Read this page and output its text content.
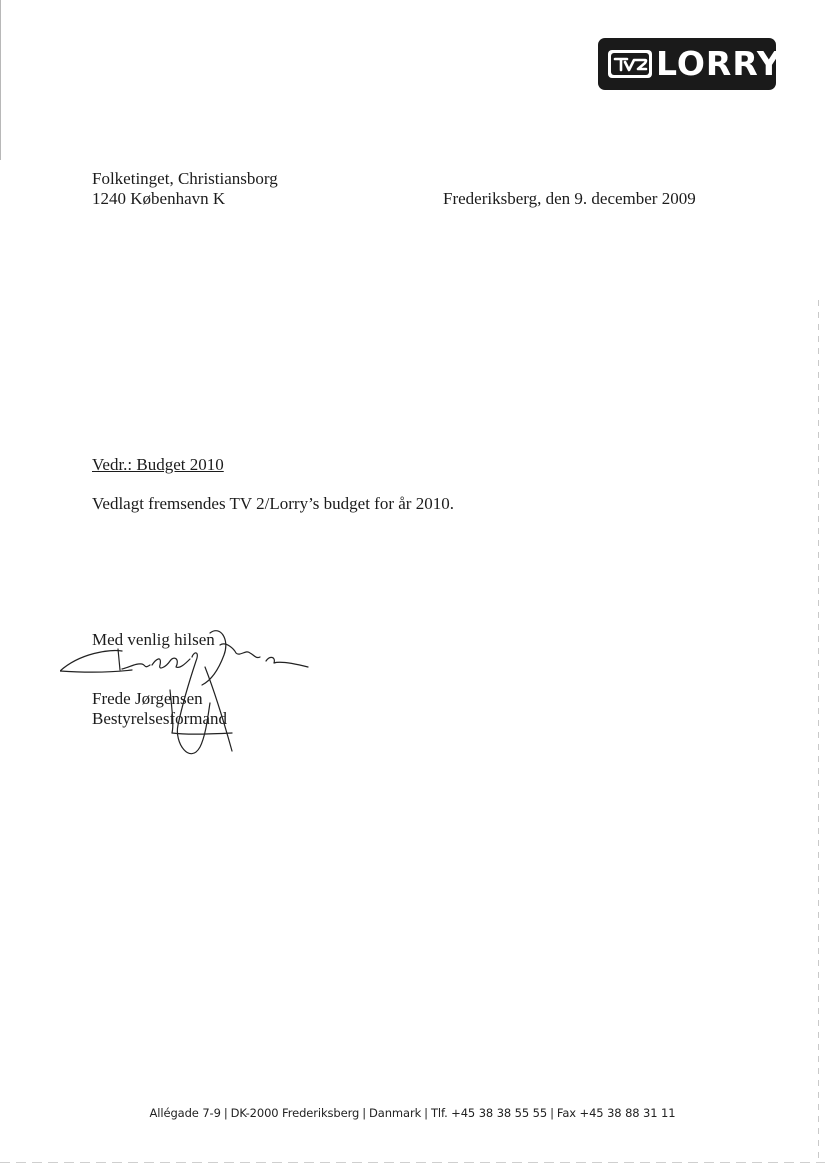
LORRY
Folketinget, Christiansborg
1240 København K	Frederiksberg, den 9. december 2009
Vedr.: Budget 2010
Vedlagt fremsendes TV 2/Lorry’s budget for år 2010.
Med venlig hilsen
Frede Jørgensen
Bestyrelsesformand
Allégade 7-9 | DK-2000 Frederiksberg | Danmark | Tlf. +45 38 38 55 55 | Fax +45 38 88 31 11
